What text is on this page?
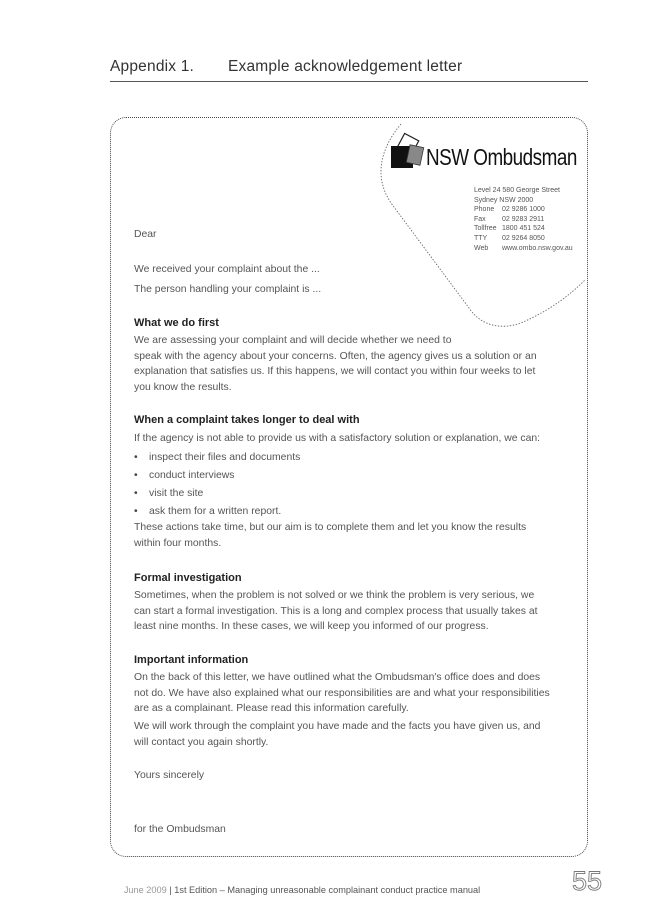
Appendix 1. Example acknowledgement letter
NSW Ombudsman
Level 24 580 George Street
Sydney NSW 2000
Phone	02 9286 1000
Fax	02 9283 2911
Tollfree 1800 451 524
TTY	02 9264 8050
Web	www.ombo.nsw.gov.au
Dear
We received your complaint about the ...
The person handling your complaint is ...
What we do first
We are assessing your complaint and will decide whether we need to
speak with the agency about your concerns. Often, the agency gives us a solution or an
explanation that satisfies us. If this happens, we will contact you within four weeks to let
you know the results.
When a complaint takes longer to deal with
If the agency is not able to provide us with a satisfactory solution or explanation, we can:
• inspect their files and documents
• conduct interviews
• visit the site
• ask them for a written report.
These actions take time, but our aim is to complete them and let you know the results
within four months.
Formal investigation
Sometimes, when the problem is not solved or we think the problem is very serious, we
can start a formal investigation. This is a long and complex process that usually takes at
least nine months. In these cases, we will keep you informed of our progress.
Important information
On the back of this letter, we have outlined what the Ombudsman's office does and does
not do. We have also explained what our responsibilities are and what your responsibilities
are as a complainant. Please read this information carefully.
We will work through the complaint you have made and the facts you have given us, and
will contact you again shortly.
Yours sincerely
for the Ombudsman
June 2009 | 1st Edition – Managing unreasonable complainant conduct practice manual	55
